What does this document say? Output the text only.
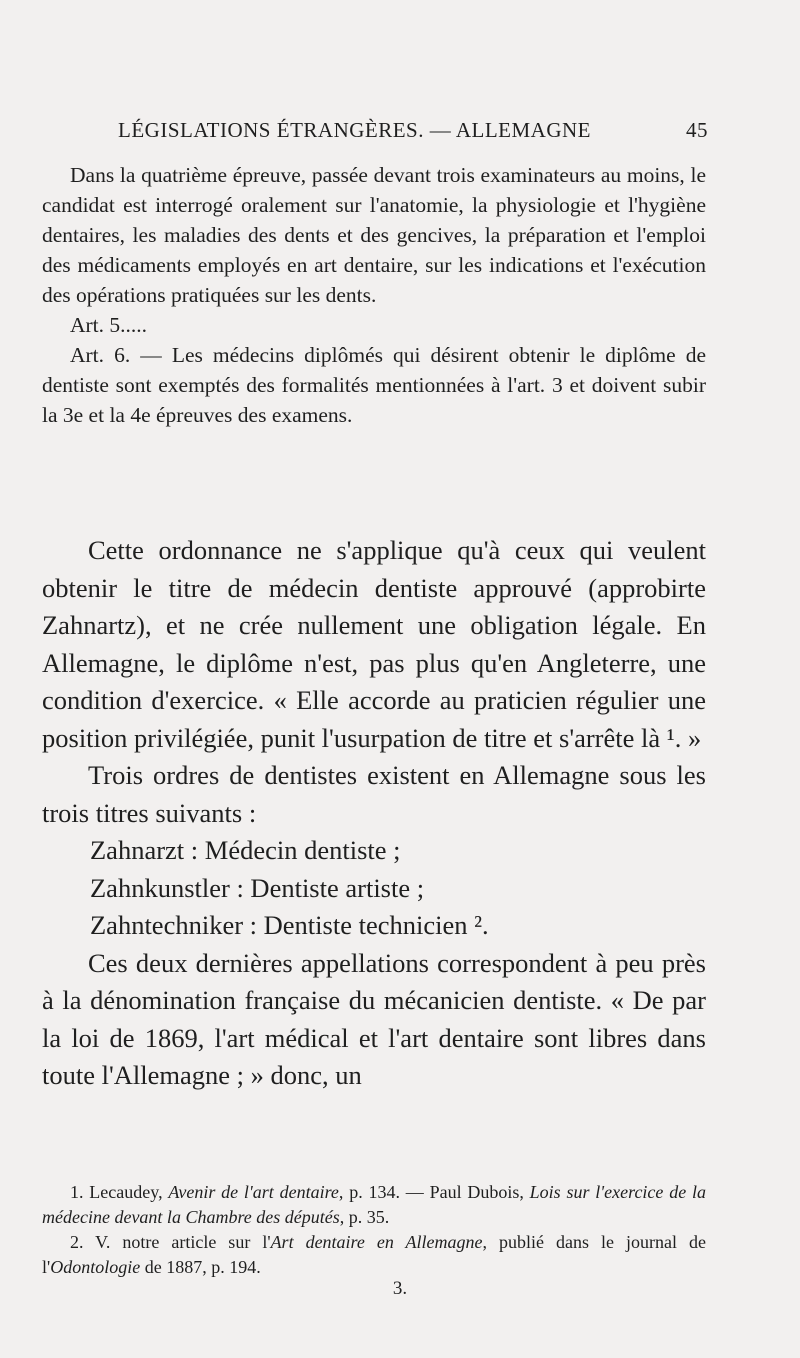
LÉGISLATIONS ÉTRANGÈRES. — ALLEMAGNE	45

Dans la quatrième épreuve, passée devant trois examinateurs au moins, le candidat est interrogé oralement sur l'anatomie, la physiologie et l'hygiène dentaires, les maladies des dents et des gencives, la préparation et l'emploi des médicaments employés en art dentaire, sur les indications et l'exécution des opérations pratiquées sur les dents.

Art. 5.....

Art. 6. — Les médecins diplômés qui désirent obtenir le diplôme de dentiste sont exemptés des formalités mentionnées à l'art. 3 et doivent subir la 3e et la 4e épreuves des examens.

Cette ordonnance ne s'applique qu'à ceux qui veulent obtenir le titre de médecin dentiste approuvé (approbirte Zahnartz), et ne crée nullement une obligation légale. En Allemagne, le diplôme n'est, pas plus qu'en Angleterre, une condition d'exercice. « Elle accorde au praticien régulier une position privilégiée, punit l'usurpation de titre et s'arrête là ¹. »

Trois ordres de dentistes existent en Allemagne sous les trois titres suivants :

Zahnarzt : Médecin dentiste ;

Zahnkunstler : Dentiste artiste ;

Zahntechniker : Dentiste technicien ².

Ces deux dernières appellations correspondent à peu près à la dénomination française du mécanicien dentiste. « De par la loi de 1869, l'art médical et l'art dentaire sont libres dans toute l'Allemagne ; » donc, un

1. Lecaudey, Avenir de l'art dentaire, p. 134. — Paul Dubois, Lois sur l'exercice de la médecine devant la Chambre des députés, p. 35.

2. V. notre article sur l'Art dentaire en Allemagne, publié dans le journal de l'Odontologie de 1887, p. 194.

3.
